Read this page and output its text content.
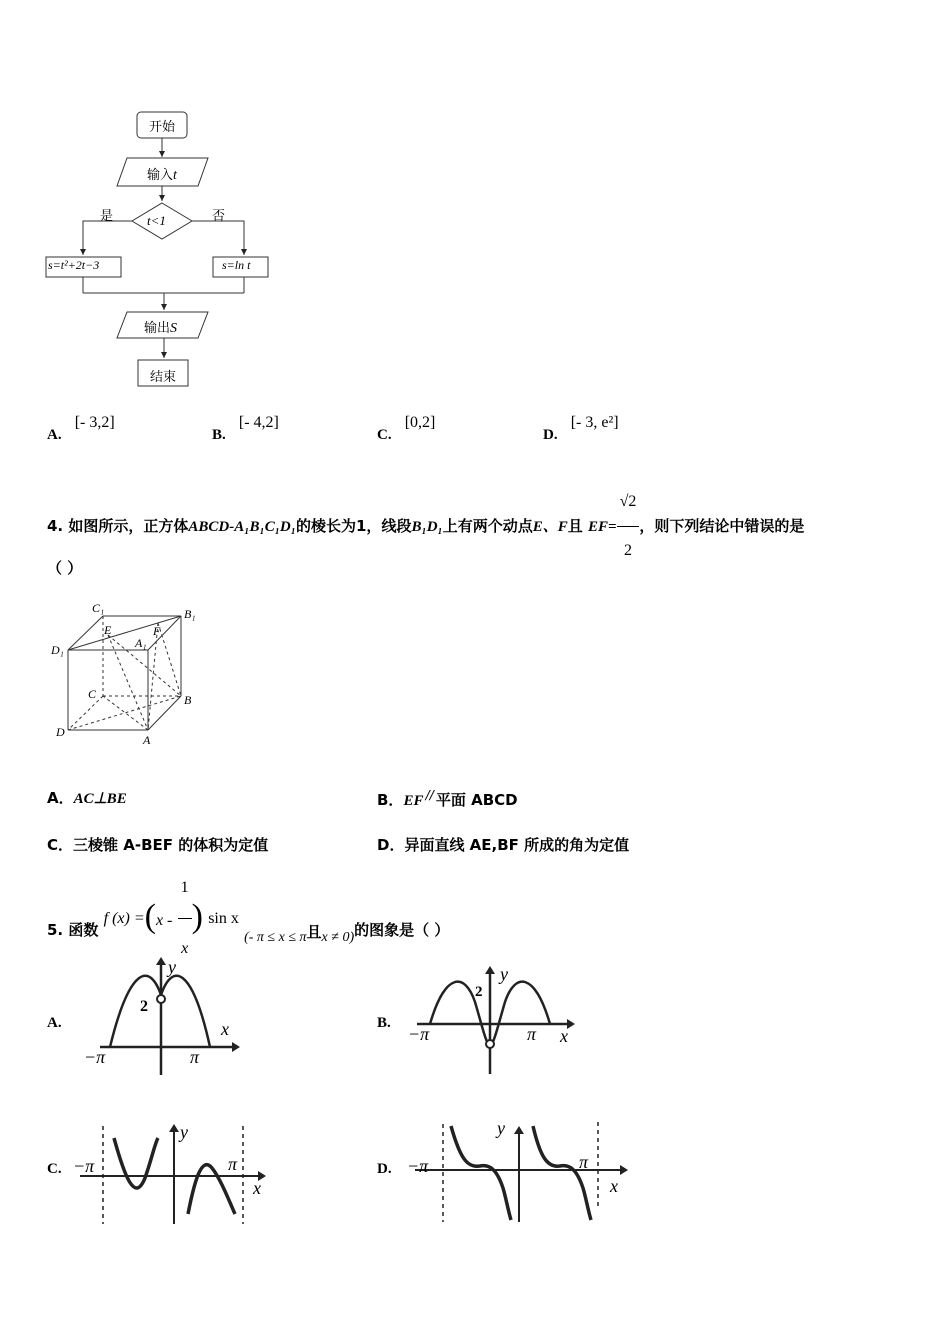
开始
输入t
t<1
是	否
s=t²+2t−3	s=ln t
输出S
结束
A. [- 3,2]
B. [- 4,2]
C. [0,2]
D. [- 3, e²]
4. 如图所示，正方体ABCD-A₁B₁C₁D₁的棱长为1，线段B₁D₁上有两个动点E、F且 $EF= \frac{√2}{2}$ ，则下列结论中错误的是
（ ）
C₁	B₁
D₁
E
A₁
F
C	B
D
A
A．AC⊥BE	B．EF // 平面 ABCD
C．三棱锥 A-BEF 的体积为定值	D．异面直线 AE,BF 所成的角为定值
5. 函数 f $(x) =(x - \frac{1}{x}$ ) sin x (- π ≤ x ≤ π且x ≠ 0)的图象是（ ）
A.
y
x
2
−π	π
B.
y
x
2
−π	π
C.
y
x
−π	π	D.
y
x
−π	π
